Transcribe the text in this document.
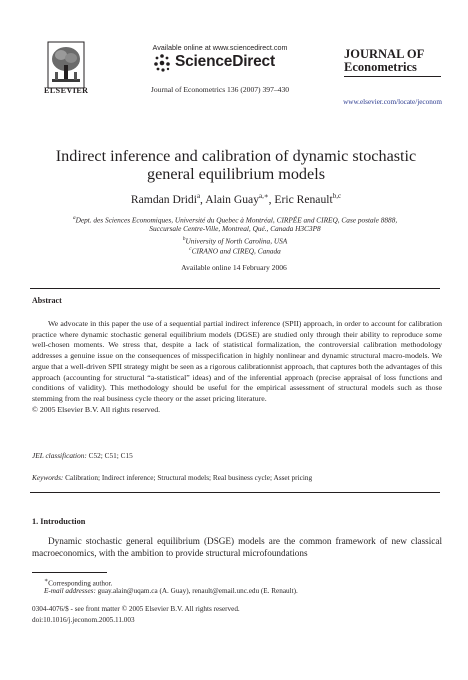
ELSEVIER
Available online at www.sciencedirect.com
ScienceDirect
Journal of Econometrics 136 (2007) 397–430
JOURNAL OF
Econometrics
www.elsevier.com/locate/jeconom
Indirect inference and calibration of dynamic stochastic general equilibrium models
Ramdan Dridi$^a$, Alain Guay$^{a,∗}$, Eric Renault$^{b,c}$
$^a$Dept. des Sciences Economiques, Université du Quebec à Montréal, CIRPÉE and CIREQ, Case postale 8888,
Succursale Centre-Ville, Montreal, Qué., Canada H3C3P8
$^b$University of North Carolina, USA
$^c$CIRANO and CIREQ, Canada
Available online 14 February 2006
Abstract
We advocate in this paper the use of a sequential partial indirect inference (SPII) approach, in order to account for calibration practice where dynamic stochastic general equilibrium models (DGSE) are studied only through their ability to reproduce some well-chosen moments. We stress that, despite a lack of statistical formalization, the controversial calibration methodology addresses a genuine issue on the consequences of misspecification in highly nonlinear and dynamic structural macro-models. We argue that a well-driven SPII strategy might be seen as a rigorous calibrationnist approach, that captures both the advantages of this approach (accounting for structural “a-statistical” ideas) and of the inferential approach (precise appraisal of loss functions and conditions of validity). This methodology should be useful for the empirical assessment of structural models such as those stemming from the real business cycle theory or the asset pricing literature.
© 2005 Elsevier B.V. All rights reserved.
JEL classification: C52; C51; C15
Keywords: Calibration; Indirect inference; Structural models; Real business cycle; Asset pricing
1. Introduction
Dynamic stochastic general equilibrium (DSGE) models are the common framework of new classical macroeconomics, with the ambition to provide structural microfoundations
∗Corresponding author.
E-mail addresses: guay.alain@uqam.ca (A. Guay), renault@email.unc.edu (E. Renault).
0304-4076/$ - see front matter © 2005 Elsevier B.V. All rights reserved.
doi:10.1016/j.jeconom.2005.11.003
